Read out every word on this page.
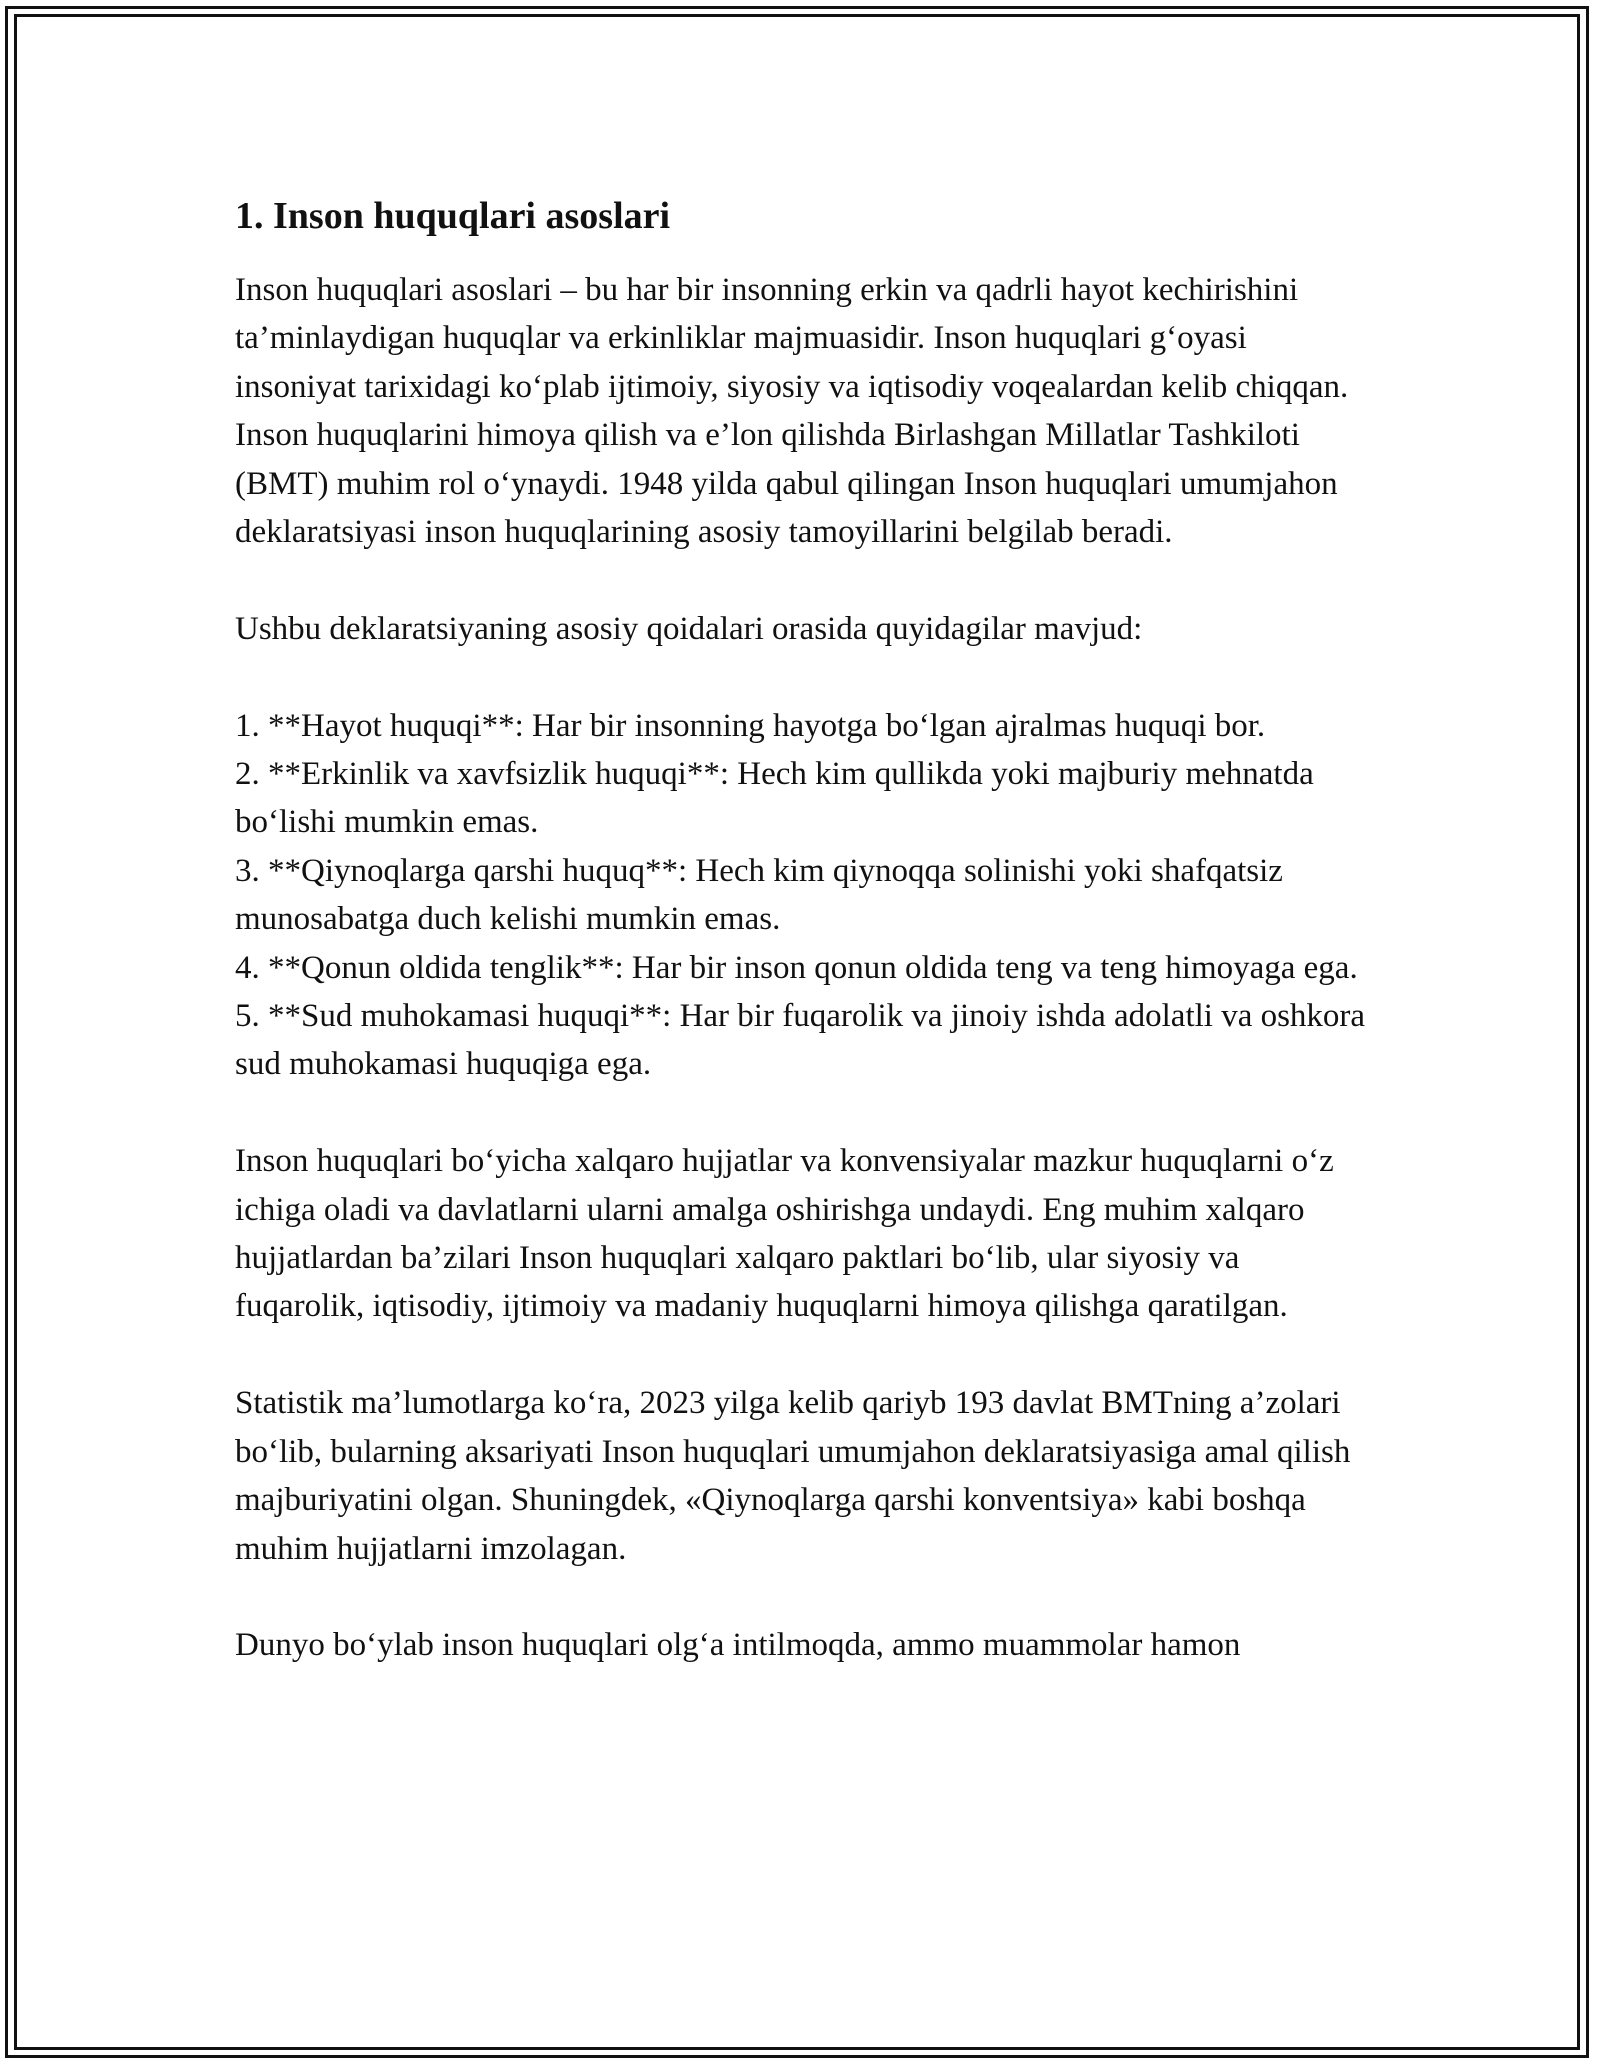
1. Inson huquqlari asoslari

Inson huquqlari asoslari – bu har bir insonning erkin va qadrli hayot kechirishini ta’minlaydigan huquqlar va erkinliklar majmuasidir. Inson huquqlari g‘oyasi insoniyat tarixidagi ko‘plab ijtimoiy, siyosiy va iqtisodiy voqealardan kelib chiqqan. Inson huquqlarini himoya qilish va e’lon qilishda Birlashgan Millatlar Tashkiloti (BMT) muhim rol o‘ynaydi. 1948 yilda qabul qilingan Inson huquqlari umumjahon deklaratsiyasi inson huquqlarining asosiy tamoyillarini belgilab beradi.

Ushbu deklaratsiyaning asosiy qoidalari orasida quyidagilar mavjud:

1. **Hayot huquqi**: Har bir insonning hayotga bo‘lgan ajralmas huquqi bor.

2. **Erkinlik va xavfsizlik huquqi**: Hech kim qullikda yoki majburiy mehnatda bo‘lishi mumkin emas.

3. **Qiynoqlarga qarshi huquq**: Hech kim qiynoqqa solinishi yoki shafqatsiz munosabatga duch kelishi mumkin emas.

4. **Qonun oldida tenglik**: Har bir inson qonun oldida teng va teng himoyaga ega.

5. **Sud muhokamasi huquqi**: Har bir fuqarolik va jinoiy ishda adolatli va oshkora sud muhokamasi huquqiga ega.

Inson huquqlari bo‘yicha xalqaro hujjatlar va konvensiyalar mazkur huquqlarni o‘z ichiga oladi va davlatlarni ularni amalga oshirishga undaydi. Eng muhim xalqaro hujjatlardan ba’zilari Inson huquqlari xalqaro paktlari bo‘lib, ular siyosiy va fuqarolik, iqtisodiy, ijtimoiy va madaniy huquqlarni himoya qilishga qaratilgan.

Statistik ma’lumotlarga ko‘ra, 2023 yilga kelib qariyb 193 davlat BMTning a’zolari bo‘lib, bularning aksariyati Inson huquqlari umumjahon deklaratsiyasiga amal qilish majburiyatini olgan. Shuningdek, «Qiynoqlarga qarshi konventsiya» kabi boshqa muhim hujjatlarni imzolagan.

Dunyo bo‘ylab inson huquqlari olg‘a intilmoqda, ammo muammolar hamon
